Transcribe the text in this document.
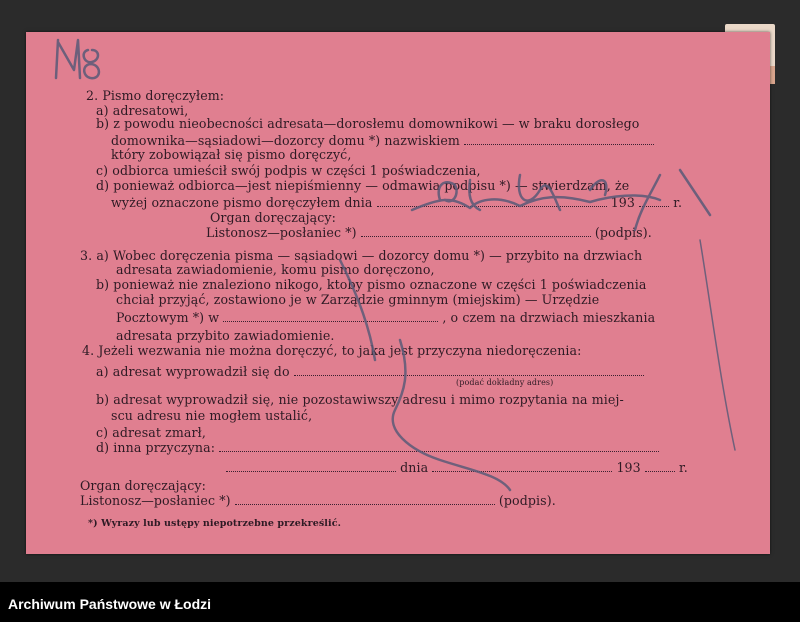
2. Pismo doręczyłem:
a) adresatowi,
b) z powodu nieobecności adresata—dorosłemu domownikowi — w braku dorosłego
domownika—sąsiadowi—dozorcy domu *) nazwiskiem
który zobowiązał się pismo doręczyć,
c) odbiorca umieścił swój podpis w części 1 poświadczenia,
d) ponieważ odbiorca—jest niepiśmienny — odmawia podpisu *) — stwierdzam, że
wyżej oznaczone pismo doręczyłem dnia	193	r.
Organ doręczający:
Listonosz—posłaniec *)	(podpis).
3. a) Wobec doręczenia pisma — sąsiadowi — dozorcy domu *) — przybito na drzwiach
adresata zawiadomienie, komu pismo doręczono,
b) ponieważ nie znaleziono nikogo, ktoby pismo oznaczone w części 1 poświadczenia
chciał przyjąć, zostawiono je w Zarządzie gminnym (miejskim) — Urzędzie
Pocztowym *) w	, o czem na drzwiach mieszkania
adresata przybito zawiadomienie.
4. Jeżeli wezwania nie można doręczyć, to jaka jest przyczyna niedoręczenia:
a) adresat wyprowadził się do
(podać dokładny adres)
b) adresat wyprowadził się, nie pozostawiwszy adresu i mimo rozpytania na miej-
scu adresu nie mogłem ustalić,
c) adresat zmarł,
d) inna przyczyna:
dnia	193	r.
Organ doręczający:
Listonosz—posłaniec *)	(podpis).
*) Wyrazy lub ustępy niepotrzebne przekreślić.
Archiwum Państwowe w Łodzi
